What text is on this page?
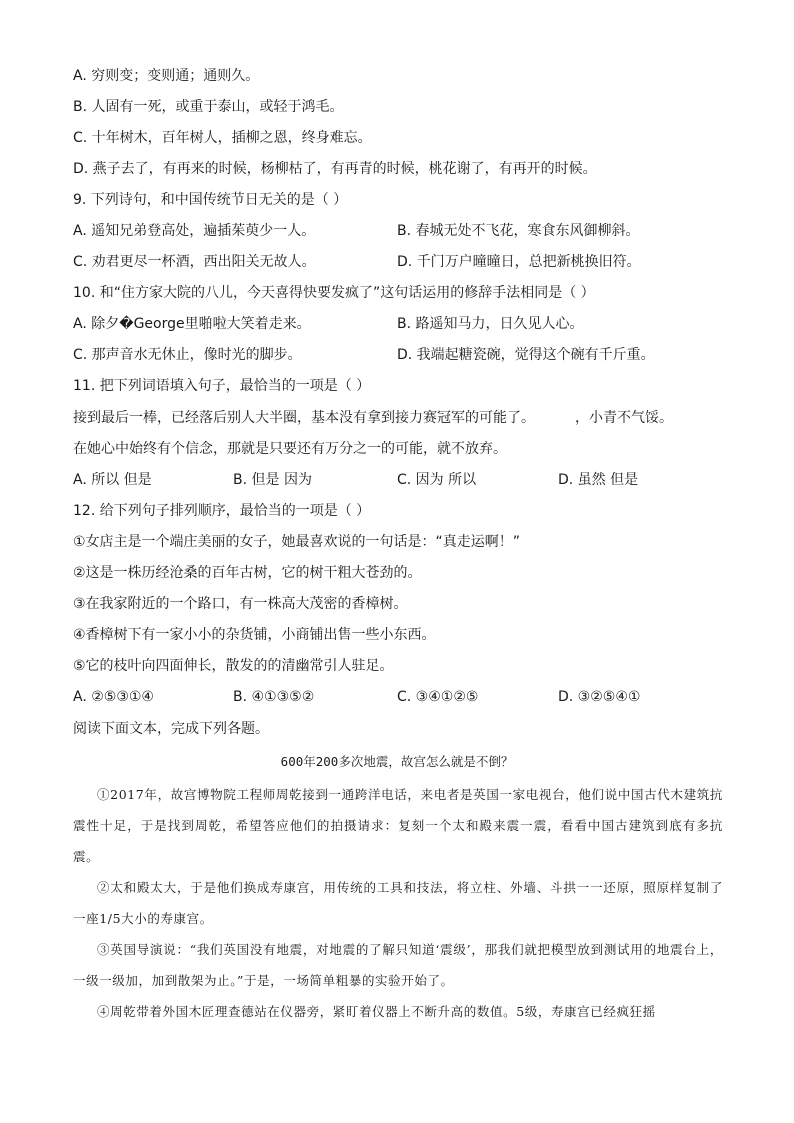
A. 穷则变；变则通；通则久。
B. 人固有一死，或重于泰山，或轻于鸿毛。
C. 十年树木，百年树人，插柳之恩，终身难忘。
D. 燕子去了，有再来的时候，杨柳枯了，有再青的时候，桃花谢了，有再开的时候。
9. 下列诗句，和中国传统节日无关的是（ ）
A. 遥知兄弟登高处，遍插茱萸少一人。	B. 春城无处不飞花，寒食东风御柳斜。
C. 劝君更尽一杯酒，西出阳关无故人。	D. 千门万户曈曈日，总把新桃换旧符。
10. 和“住方家大院的八儿，今天喜得快要发疯了”这句话运用的修辞手法相同是（ ）
A. 除夕�George里啪啦大笑着走来。	B. 路遥知马力，日久见人心。
C. 那声音水无休止，像时光的脚步。	D. 我端起糖瓷碗，觉得这个碗有千斤重。
11. 把下列词语填入句子，最恰当的一项是（ ）
接到最后一棒，已经落后别人大半圈，基本没有拿到接力赛冠军的可能了。	，小青不气馁。
在她心中始终有个信念，那就是只要还有万分之一的可能，就不放弃。
A. 所以 但是	B. 但是 因为	C. 因为 所以	D. 虽然 但是
12. 给下列句子排列顺序，最恰当的一项是（ ）
①女店主是一个端庄美丽的女子，她最喜欢说的一句话是：“真走运啊！”
②这是一株历经沧桑的百年古树，它的树干粗大苍劲的。
③在我家附近的一个路口，有一株高大茂密的香樟树。
④香樟树下有一家小小的杂货铺，小商铺出售一些小东西。
⑤它的枝叶向四面伸长，散发的的清幽常引人驻足。
A. ②⑤③①④	B. ④①③⑤②	C. ③④①②⑤	D. ③②⑤④①
阅读下面文本，完成下列各题。
600年200多次地震，故宫怎么就是不倒？
①2017年，故宫博物院工程师周乾接到一通跨洋电话，来电者是英国一家电视台，他们说中国古代木建筑抗震性十足，于是找到周乾，希望答应他们的拍摄请求：复刻一个太和殿来震一震，看看中国古建筑到底有多抗震。
②太和殿太大，于是他们换成寿康宫，用传统的工具和技法，将立柱、外墙、斗拱一一还原，照原样复制了一座1/5大小的寿康宫。
③英国导演说：“我们英国没有地震，对地震的了解只知道‘震级’，那我们就把模型放到测试用的地震台上，一级一级加，加到散架为止。”于是，一场简单粗暴的实验开始了。
④周乾带着外国木匠理查德站在仪器旁，紧盯着仪器上不断升高的数值。5级，寿康宫已经疯狂摇
